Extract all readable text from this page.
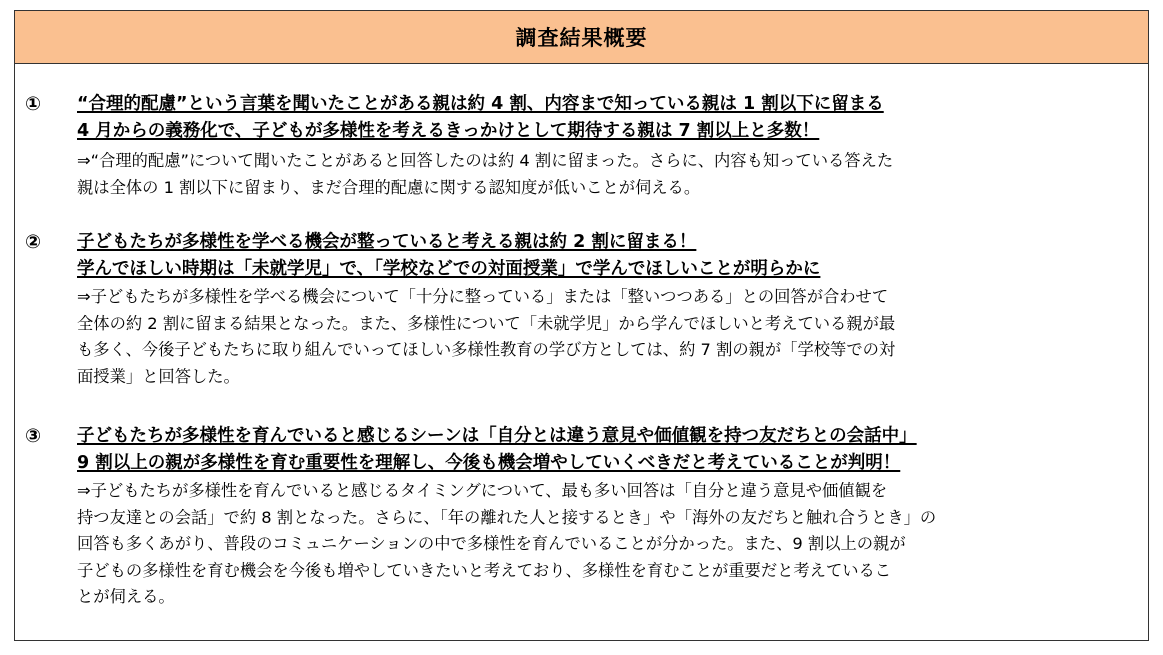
調査結果概要
① “合理的配慮”という言葉を聞いたことがある親は約 4 割、内容まで知っている親は 1 割以下に留まる
4 月からの義務化で、子どもが多様性を考えるきっかけとして期待する親は 7 割以上と多数！
⇒“合理的配慮”について聞いたことがあると回答したのは約 4 割に留まった。さらに、内容も知っている答えた
親は全体の 1 割以下に留まり、まだ合理的配慮に関する認知度が低いことが伺える。
② 子どもたちが多様性を学べる機会が整っていると考える親は約 2 割に留まる！
学んでほしい時期は「未就学児」で、「学校などでの対面授業」で学んでほしいことが明らかに
⇒子どもたちが多様性を学べる機会について「十分に整っている」または「整いつつある」との回答が合わせて
全体の約 2 割に留まる結果となった。また、多様性について「未就学児」から学んでほしいと考えている親が最
も多く、今後子どもたちに取り組んでいってほしい多様性教育の学び方としては、約 7 割の親が「学校等での対
面授業」と回答した。
③ 子どもたちが多様性を育んでいると感じるシーンは「自分とは違う意見や価値観を持つ友だちとの会話中」
9 割以上の親が多様性を育む重要性を理解し、今後も機会増やしていくべきだと考えていることが判明！
⇒子どもたちが多様性を育んでいると感じるタイミングについて、最も多い回答は「自分と違う意見や価値観を
持つ友達との会話」で約 8 割となった。さらに、「年の離れた人と接するとき」や「海外の友だちと触れ合うとき」の
回答も多くあがり、普段のコミュニケーションの中で多様性を育んでいることが分かった。また、9 割以上の親が
子どもの多様性を育む機会を今後も増やしていきたいと考えており、多様性を育むことが重要だと考えているこ
とが伺える。
